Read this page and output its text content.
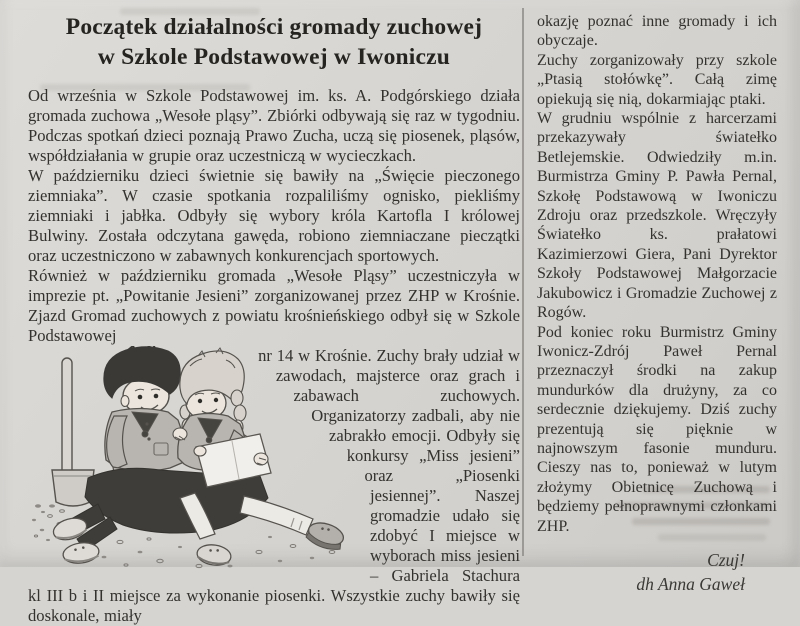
Początek działalności gromady zuchowej
w Szkole Podstawowej w Iwoniczu

Od września w Szkole Podstawowej im. ks. A. Podgórskiego działa gromada zuchowa „Wesołe pląsy”. Zbiórki odbywają się raz w tygodniu. Podczas spotkań dzieci poznają Prawo Zucha, uczą się piosenek, pląsów, współdziałania w grupie oraz uczestniczą w wycieczkach.

W październiku dzieci świetnie się bawiły na „Święcie pieczonego ziemniaka”. W czasie spotkania rozpaliliśmy ognisko, piekliśmy ziemniaki i jabłka. Odbyły się wybory króla Kartofla I królowej Bulwiny. Została odczytana gawęda, robiono ziemniaczane pieczątki oraz uczestniczono w zabawnych konkurencjach sportowych.

Również w październiku gromada „Wesołe Pląsy” uczestniczyła w imprezie pt. „Powitanie Jesieni” zorganizowanej przez ZHP w Krośnie. Zjazd Gromad zuchowych z powiatu krośnieńskiego odbył się w Szkole Podstawowej

nr 14 w Krośnie. Zuchy brały udział w zawodach, majsterce oraz grach i zabawach zuchowych. Organizatorzy zadbali, aby nie zabrakło emocji. Odbyły się konkursy „Miss jesieni” oraz „Piosenki jesiennej”. Naszej gromadzie udało się zdobyć I miejsce w wyborach miss jesieni – Gabriela Stachura kl III b i II miejsce za wykonanie piosenki. Wszystkie zuchy bawiły się doskonale, miały

okazję poznać inne gromady i ich obyczaje.

Zuchy zorganizowały przy szkole „Ptasią stołówkę”. Całą zimę opiekują się nią, dokarmiając ptaki.

W grudniu wspólnie z harcerzami przekazywały światełko Betlejemskie. Odwiedziły m.in. Burmistrza Gminy P. Pawła Pernal, Szkołę Podstawową w Iwoniczu Zdroju oraz przedszkole. Wręczyły Światełko ks. prałatowi Kazimierzowi Giera, Pani Dyrektor Szkoły Podstawowej Małgorzacie Jakubowicz i Gromadzie Zuchowej z Rogów.

Pod koniec roku Burmistrz Gminy Iwonicz-Zdrój Paweł Pernal przeznaczył środki na zakup mundurków dla drużyny, za co serdecznie dziękujemy. Dziś zuchy prezentują się pięknie w najnowszym fasonie munduru. Cieszy nas to, ponieważ w lutym złożymy Obietnicę Zuchową i będziemy pełnoprawnymi członkami ZHP.

Czuj!
dh Anna Gaweł
